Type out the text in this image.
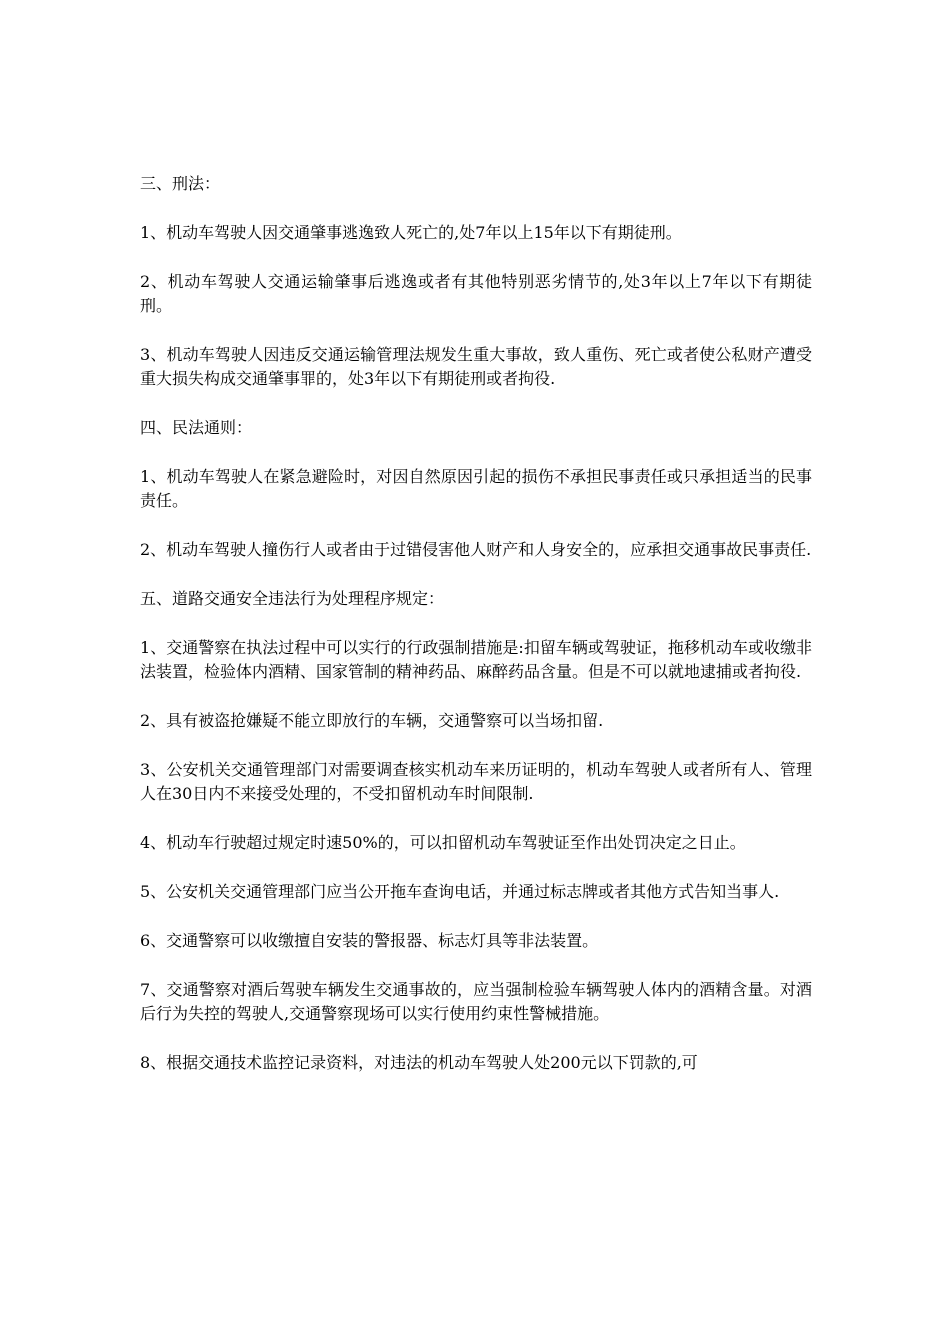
三、刑法：

1、机动车驾驶人因交通肇事逃逸致人死亡的,处7年以上15年以下有期徒刑。

2、机动车驾驶人交通运输肇事后逃逸或者有其他特别恶劣情节的,处3年以上7年以下有期徒刑。

3、机动车驾驶人因违反交通运输管理法规发生重大事故，致人重伤、死亡或者使公私财产遭受重大损失构成交通肇事罪的，处3年以下有期徒刑或者拘役.

四、民法通则：

1、机动车驾驶人在紧急避险时，对因自然原因引起的损伤不承担民事责任或只承担适当的民事责任。

2、机动车驾驶人撞伤行人或者由于过错侵害他人财产和人身安全的，应承担交通事故民事责任.

五、道路交通安全违法行为处理程序规定：

1、交通警察在执法过程中可以实行的行政强制措施是:扣留车辆或驾驶证，拖移机动车或收缴非法装置，检验体内酒精、国家管制的精神药品、麻醉药品含量。但是不可以就地逮捕或者拘役.

2、具有被盗抢嫌疑不能立即放行的车辆，交通警察可以当场扣留.

3、公安机关交通管理部门对需要调查核实机动车来历证明的，机动车驾驶人或者所有人、管理人在30日内不来接受处理的，不受扣留机动车时间限制.

4、机动车行驶超过规定时速50%的，可以扣留机动车驾驶证至作出处罚决定之日止。

5、公安机关交通管理部门应当公开拖车查询电话，并通过标志牌或者其他方式告知当事人.

6、交通警察可以收缴擅自安装的警报器、标志灯具等非法装置。

7、交通警察对酒后驾驶车辆发生交通事故的，应当强制检验车辆驾驶人体内的酒精含量。对酒后行为失控的驾驶人,交通警察现场可以实行使用约束性警械措施。

8、根据交通技术监控记录资料，对违法的机动车驾驶人处200元以下罚款的,可
